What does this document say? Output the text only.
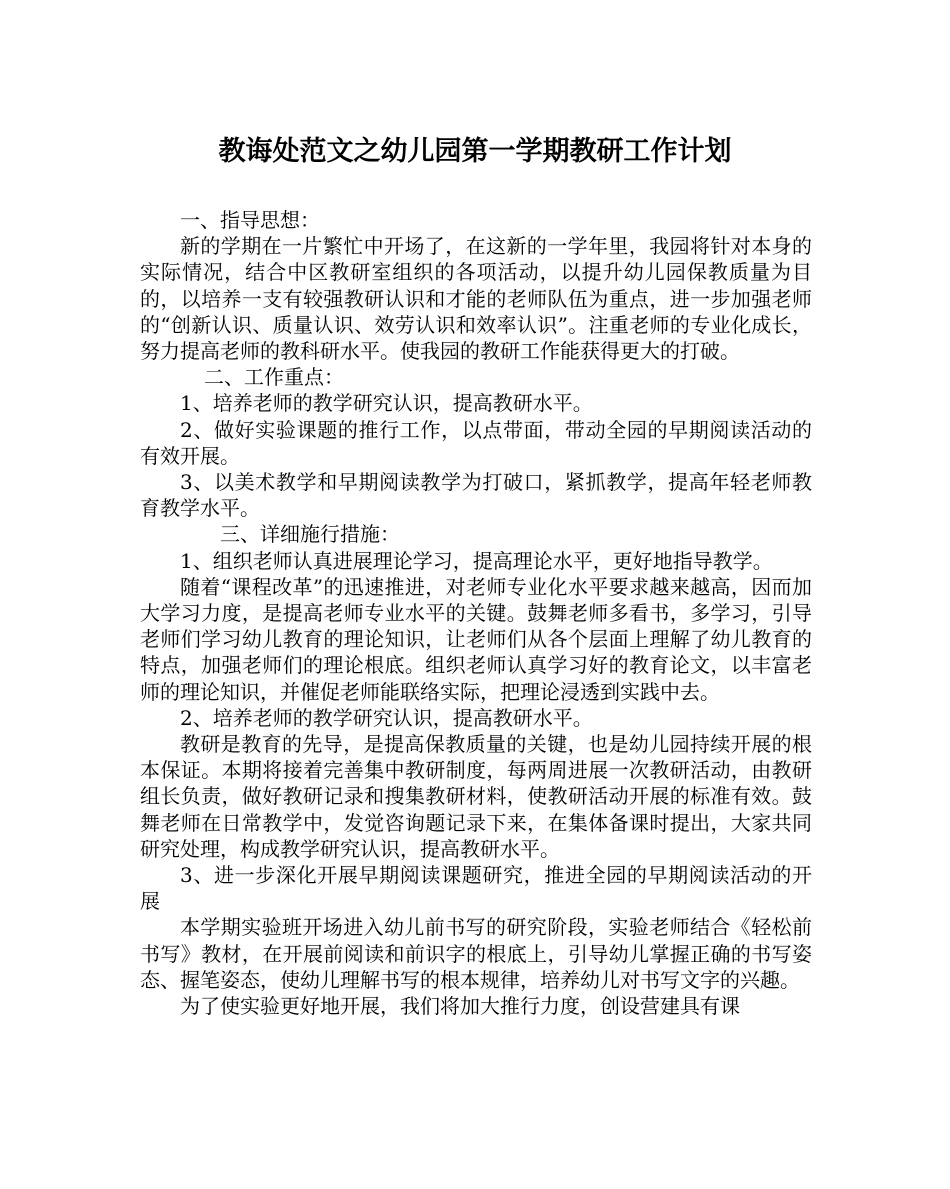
教诲处范文之幼儿园第一学期教研工作计划

一、指导思想：

新的学期在一片繁忙中开场了，在这新的一学年里，我园将针对本身的实际情况，结合中区教研室组织的各项活动，以提升幼儿园保教质量为目的，以培养一支有较强教研认识和才能的老师队伍为重点，进一步加强老师的“创新认识、质量认识、效劳认识和效率认识”。注重老师的专业化成长，努力提高老师的教科研水平。使我园的教研工作能获得更大的打破。

二、工作重点：

1、培养老师的教学研究认识，提高教研水平。

2、做好实验课题的推行工作，以点带面，带动全园的早期阅读活动的有效开展。

3、以美术教学和早期阅读教学为打破口，紧抓教学，提高年轻老师教育教学水平。

三、详细施行措施：

1、组织老师认真进展理论学习，提高理论水平，更好地指导教学。

随着“课程改革”的迅速推进，对老师专业化水平要求越来越高，因而加大学习力度，是提高老师专业水平的关键。鼓舞老师多看书，多学习，引导老师们学习幼儿教育的理论知识，让老师们从各个层面上理解了幼儿教育的特点，加强老师们的理论根底。组织老师认真学习好的教育论文，以丰富老师的理论知识，并催促老师能联络实际，把理论浸透到实践中去。

2、培养老师的教学研究认识，提高教研水平。

教研是教育的先导，是提高保教质量的关键，也是幼儿园持续开展的根本保证。本期将接着完善集中教研制度，每两周进展一次教研活动，由教研组长负责，做好教研记录和搜集教研材料，使教研活动开展的标准有效。鼓舞老师在日常教学中，发觉咨询题记录下来，在集体备课时提出，大家共同研究处理，构成教学研究认识，提高教研水平。

3、进一步深化开展早期阅读课题研究，推进全园的早期阅读活动的开展

本学期实验班开场进入幼儿前书写的研究阶段，实验老师结合《轻松前书写》教材，在开展前阅读和前识字的根底上，引导幼儿掌握正确的书写姿态、握笔姿态，使幼儿理解书写的根本规律，培养幼儿对书写文字的兴趣。

为了使实验更好地开展，我们将加大推行力度，创设营建具有课
